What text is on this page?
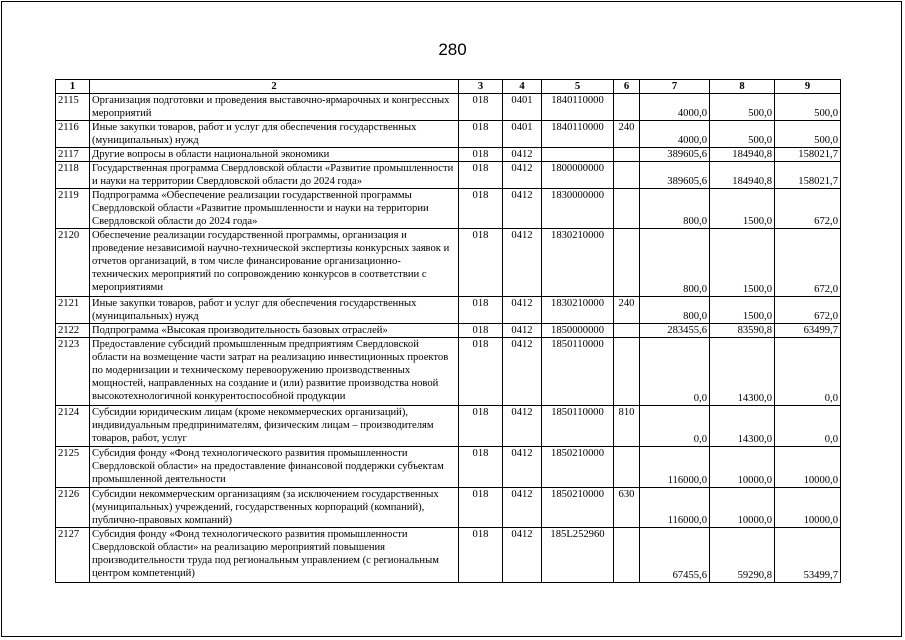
280
1	2	3	4	5	6	7	8	9
2115	Организация подготовки и проведения выставочно-ярмарочных и конгрессных мероприятий	018	0401	1840110000		4000,0	500,0	500,0
2116	Иные закупки товаров, работ и услуг для обеспечения государственных (муниципальных) нужд	018	0401	1840110000	240	4000,0	500,0	500,0
2117	Другие вопросы в области национальной экономики	018	0412			389605,6	184940,8	158021,7
2118	Государственная программа Свердловской области «Развитие промышленности и науки на территории Свердловской области до 2024 года»	018	0412	1800000000		389605,6	184940,8	158021,7
2119	Подпрограмма «Обеспечение реализации государственной программы Свердловской области «Развитие промышленности и науки на территории Свердловской области до 2024 года»	018	0412	1830000000		800,0	1500,0	672,0
2120	Обеспечение реализации государственной программы, организация и проведение независимой научно-технической экспертизы конкурсных заявок и отчетов организаций, в том числе финансирование организационно-технических мероприятий по сопровождению конкурсов в соответствии с мероприятиями	018	0412	1830210000		800,0	1500,0	672,0
2121	Иные закупки товаров, работ и услуг для обеспечения государственных (муниципальных) нужд	018	0412	1830210000	240	800,0	1500,0	672,0
2122	Подпрограмма «Высокая производительность базовых отраслей»	018	0412	1850000000		283455,6	83590,8	63499,7
2123	Предоставление субсидий промышленным предприятиям Свердловской области на возмещение части затрат на реализацию инвестиционных проектов по модернизации и техническому перевооружению производственных мощностей, направленных на создание и (или) развитие производства новой высокотехнологичной конкурентоспособной продукции	018	0412	1850110000		0,0	14300,0	0,0
2124	Субсидии юридическим лицам (кроме некоммерческих организаций), индивидуальным предпринимателям, физическим лицам – производителям товаров, работ, услуг	018	0412	1850110000	810	0,0	14300,0	0,0
2125	Субсидия фонду «Фонд технологического развития промышленности Свердловской области» на предоставление финансовой поддержки субъектам промышленной деятельности	018	0412	1850210000		116000,0	10000,0	10000,0
2126	Субсидии некоммерческим организациям (за исключением государственных (муниципальных) учреждений, государственных корпораций (компаний), публично-правовых компаний)	018	0412	1850210000	630	116000,0	10000,0	10000,0
2127	Субсидия фонду «Фонд технологического развития промышленности Свердловской области» на реализацию мероприятий повышения производительности труда под региональным управлением (с региональным центром компетенций)	018	0412	185L252960		67455,6	59290,8	53499,7
